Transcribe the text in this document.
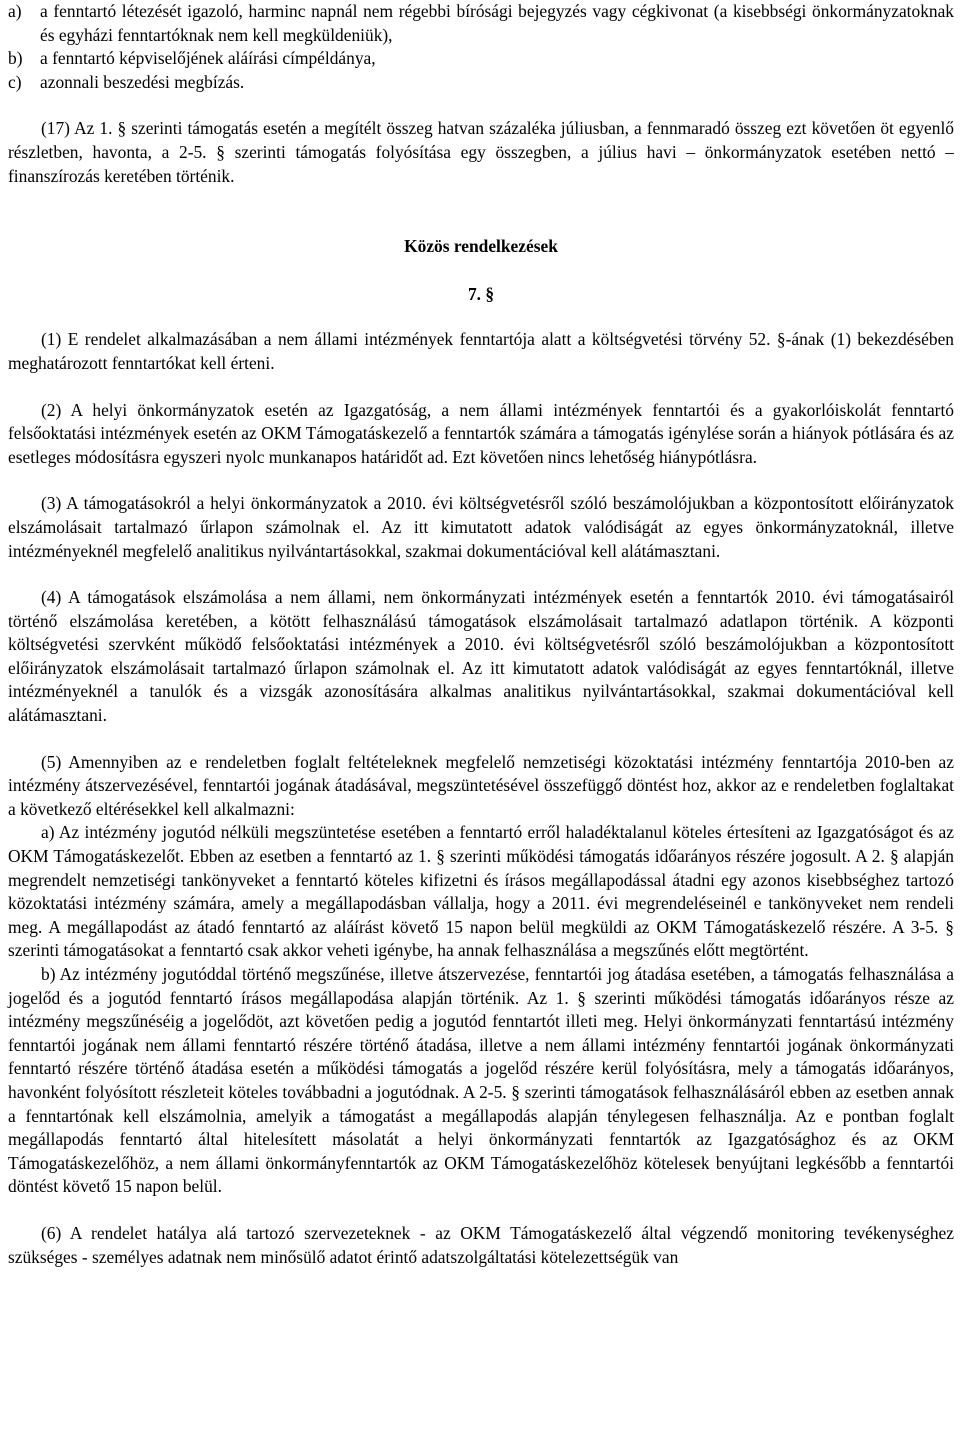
a)	a fenntartó létezését igazoló, harminc napnál nem régebbi bírósági bejegyzés vagy cégkivonat (a kisebbségi önkormányzatoknak és egyházi fenntartóknak nem kell megküldeniük),
b)	a fenntartó képviselőjének aláírási címpéldánya,
c)	azonnali beszedési megbízás.

(17) Az 1. § szerinti támogatás esetén a megítélt összeg hatvan százaléka júliusban, a fennmaradó összeg ezt követően öt egyenlő részletben, havonta, a 2-5. § szerinti támogatás folyósítása egy összegben, a július havi – önkormányzatok esetében nettó – finanszírozás keretében történik.

Közös rendelkezések

7. §

(1) E rendelet alkalmazásában a nem állami intézmények fenntartója alatt a költségvetési törvény 52. §-ának (1) bekezdésében meghatározott fenntartókat kell érteni.

(2) A helyi önkormányzatok esetén az Igazgatóság, a nem állami intézmények fenntartói és a gyakorlóiskolát fenntartó felsőoktatási intézmények esetén az OKM Támogatáskezelő a fenntartók számára a támogatás igénylése során a hiányok pótlására és az esetleges módosításra egyszeri nyolc munkanapos határidőt ad. Ezt követően nincs lehetőség hiánypótlásra.

(3) A támogatásokról a helyi önkormányzatok a 2010. évi költségvetésről szóló beszámolójukban a központosított előirányzatok elszámolásait tartalmazó űrlapon számolnak el. Az itt kimutatott adatok valódiságát az egyes önkormányzatoknál, illetve intézményeknél megfelelő analitikus nyilvántartásokkal, szakmai dokumentációval kell alátámasztani.

(4) A támogatások elszámolása a nem állami, nem önkormányzati intézmények esetén a fenntartók 2010. évi támogatásairól történő elszámolása keretében, a kötött felhasználású támogatások elszámolásait tartalmazó adatlapon történik. A központi költségvetési szervként működő felsőoktatási intézmények a 2010. évi költségvetésről szóló beszámolójukban a központosított előirányzatok elszámolásait tartalmazó űrlapon számolnak el. Az itt kimutatott adatok valódiságát az egyes fenntartóknál, illetve intézményeknél a tanulók és a vizsgák azonosítására alkalmas analitikus nyilvántartásokkal, szakmai dokumentációval kell alátámasztani.

(5) Amennyiben az e rendeletben foglalt feltételeknek megfelelő nemzetiségi közoktatási intézmény fenntartója 2010-ben az intézmény átszervezésével, fenntartói jogának átadásával, megszüntetésével összefüggő döntést hoz, akkor az e rendeletben foglaltakat a következő eltérésekkel kell alkalmazni:

a) Az intézmény jogutód nélküli megszüntetése esetében a fenntartó erről haladéktalanul köteles értesíteni az Igazgatóságot és az OKM Támogatáskezelőt. Ebben az esetben a fenntartó az 1. § szerinti működési támogatás időarányos részére jogosult. A 2. § alapján megrendelt nemzetiségi tankönyveket a fenntartó köteles kifizetni és írásos megállapodással átadni egy azonos kisebbséghez tartozó közoktatási intézmény számára, amely a megállapodásban vállalja, hogy a 2011. évi megrendeléseinél e tankönyveket nem rendeli meg. A megállapodást az átadó fenntartó az aláírást követő 15 napon belül megküldi az OKM Támogatáskezelő részére. A 3-5. § szerinti támogatásokat a fenntartó csak akkor veheti igénybe, ha annak felhasználása a megszűnés előtt megtörtént.

b) Az intézmény jogutóddal történő megszűnése, illetve átszervezése, fenntartói jog átadása esetében, a támogatás felhasználása a jogelőd és a jogutód fenntartó írásos megállapodása alapján történik. Az 1. § szerinti működési támogatás időarányos része az intézmény megszűnéséig a jogelődöt, azt követően pedig a jogutód fenntartót illeti meg. Helyi önkormányzati fenntartású intézmény fenntartói jogának nem állami fenntartó részére történő átadása, illetve a nem állami intézmény fenntartói jogának önkormányzati fenntartó részére történő átadása esetén a működési támogatás a jogelőd részére kerül folyósításra, mely a támogatás időarányos, havonként folyósított részleteit köteles továbbadni a jogutódnak. A 2-5. § szerinti támogatások felhasználásáról ebben az esetben annak a fenntartónak kell elszámolnia, amelyik a támogatást a megállapodás alapján ténylegesen felhasználja. Az e pontban foglalt megállapodás fenntartó által hitelesített másolatát a helyi önkormányzati fenntartók az Igazgatósághoz és az OKM Támogatáskezelőhöz, a nem állami önkormányfenntartók az OKM Támogatáskezelőhöz kötelesek benyújtani legkésőbb a fenntartói döntést követő 15 napon belül.

(6) A rendelet hatálya alá tartozó szervezeteknek - az OKM Támogatáskezelő által végzendő monitoring tevékenységhez szükséges - személyes adatnak nem minősülő adatot érintő adatszolgáltatási kötelezettségük van
